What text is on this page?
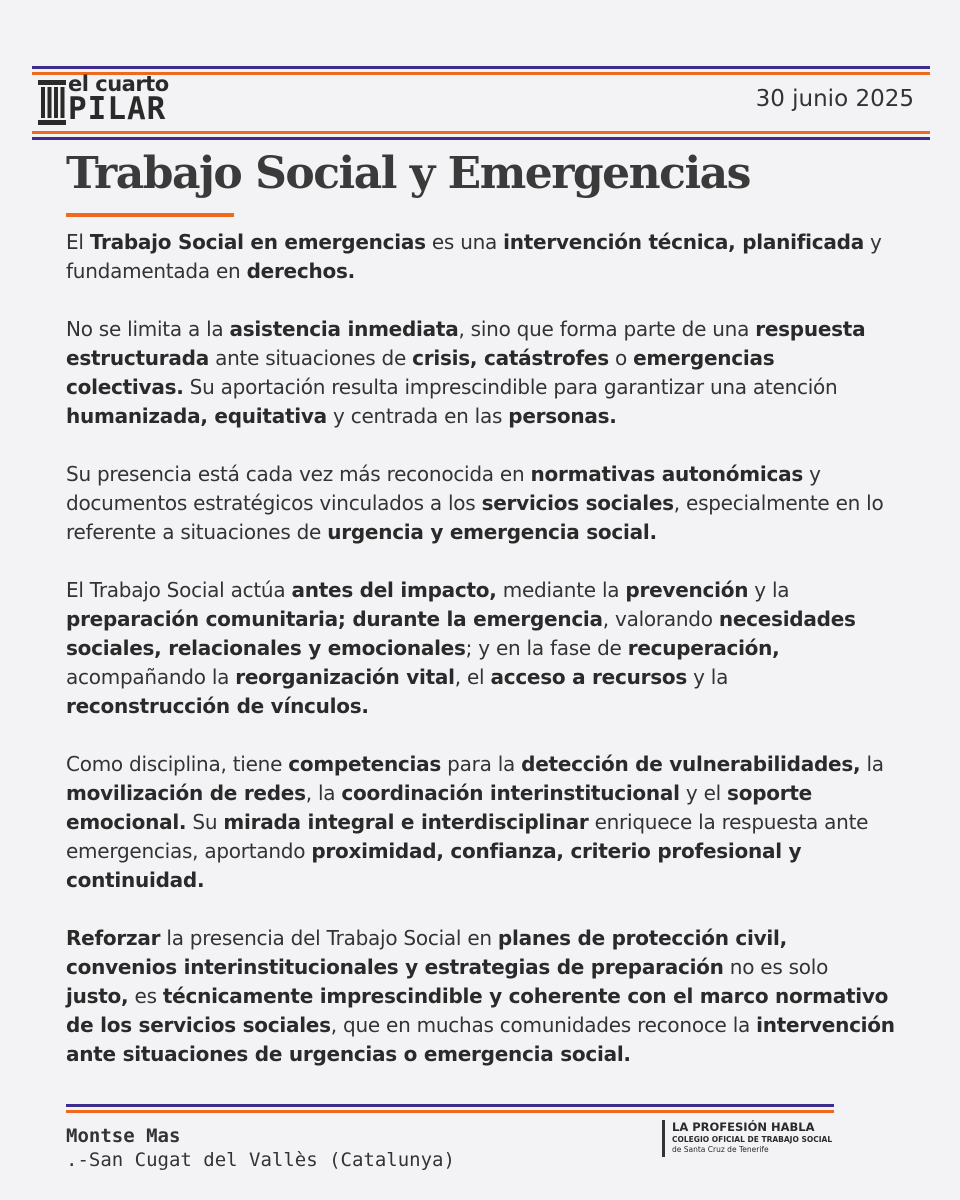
el cuarto
PILAR	30 junio 2025
Trabajo Social y Emergencias

El Trabajo Social en emergencias es una intervención técnica, planificada y fundamentada en derechos.

No se limita a la asistencia inmediata, sino que forma parte de una respuesta estructurada ante situaciones de crisis, catástrofes o emergencias colectivas. Su aportación resulta imprescindible para garantizar una atención humanizada, equitativa y centrada en las personas.

Su presencia está cada vez más reconocida en normativas autonómicas y documentos estratégicos vinculados a los servicios sociales, especialmente en lo referente a situaciones de urgencia y emergencia social.

El Trabajo Social actúa antes del impacto, mediante la prevención y la preparación comunitaria; durante la emergencia, valorando necesidades sociales, relacionales y emocionales; y en la fase de recuperación, acompañando la reorganización vital, el acceso a recursos y la reconstrucción de vínculos.

Como disciplina, tiene competencias para la detección de vulnerabilidades, la movilización de redes, la coordinación interinstitucional y el soporte emocional. Su mirada integral e interdisciplinar enriquece la respuesta ante emergencias, aportando proximidad, confianza, criterio profesional y continuidad.

Reforzar la presencia del Trabajo Social en planes de protección civil, convenios interinstitucionales y estrategias de preparación no es solo justo, es técnicamente imprescindible y coherente con el marco normativo de los servicios sociales, que en muchas comunidades reconoce la intervención ante situaciones de urgencias o emergencia social.

Montse Mas
.-San Cugat del Vallès (Catalunya)
LA PROFESIÓN HABLA
COLEGIO OFICIAL DE TRABAJO SOCIAL
de Santa Cruz de Tenerife
